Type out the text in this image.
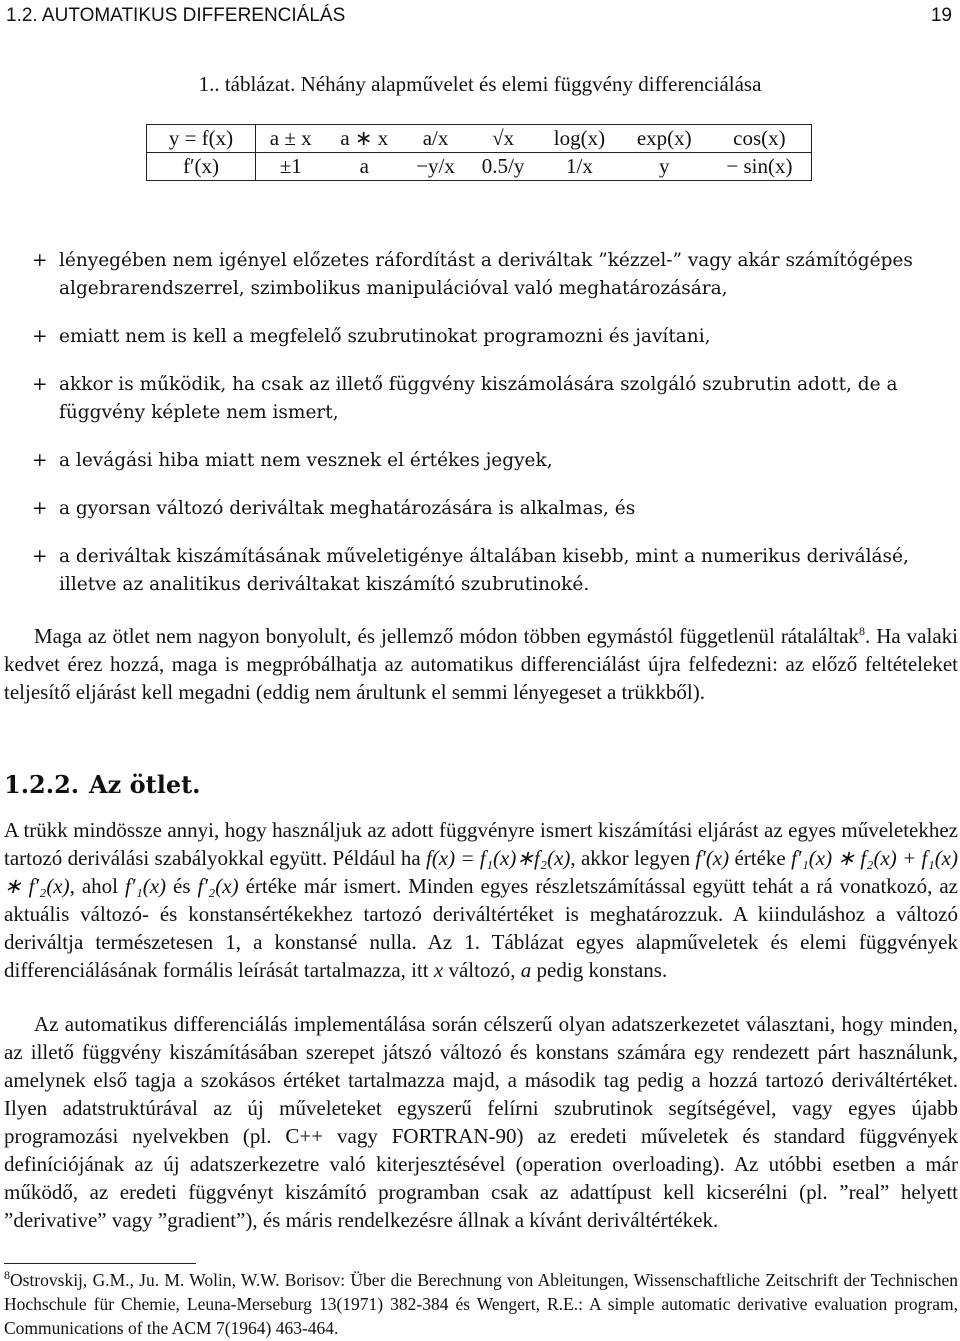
1.2. AUTOMATIKUS DIFFERENCIÁLÁS	19
1.. táblázat. Néhány alapművelet és elemi függvény differenciálása
y = f(x)	a ± x	a ∗ x	a/x	√x	log(x)	exp(x)	cos(x)
f′(x)	±1	a	−y/x	0.5/y	1/x	y	− sin(x)
+ lényegében nem igényel előzetes ráfordítást a deriváltak ”kézzel-” vagy akár számítógépes algebrarendszerrel, szimbolikus manipulációval való meghatározására,
+ emiatt nem is kell a megfelelő szubrutinokat programozni és javítani,
+ akkor is működik, ha csak az illető függvény kiszámolására szolgáló szubrutin adott, de a függvény képlete nem ismert,
+ a levágási hiba miatt nem vesznek el értékes jegyek,
+ a gyorsan változó deriváltak meghatározására is alkalmas, és
+ a deriváltak kiszámításának műveletigénye általában kisebb, mint a numerikus deriválásé, illetve az analitikus deriváltakat kiszámító szubrutinoké.
Maga az ötlet nem nagyon bonyolult, és jellemző módon többen egymástól függetlenül rátaláltak$^8$. Ha valaki kedvet érez hozzá, maga is megpróbálhatja az automatikus differenciálást újra felfedezni: az előző feltételeket teljesítő eljárást kell megadni (eddig nem árultunk el semmi lényegeset a trükkből).
1.2.2. Az ötlet.
A trükk mindössze annyi, hogy használjuk az adott függvényre ismert kiszámítási eljárást az egyes műveletekhez tartozó deriválási szabályokkal együtt. Például ha f(x) = f₁(x)∗f₂(x), akkor legyen f′(x) értéke f′₁(x) ∗ f₂(x) + f₁(x) ∗ f′₂(x), ahol f′₁(x) és f′₂(x) értéke már ismert. Minden egyes részletszámítással együtt tehát a rá vonatkozó, az aktuális változó- és konstansértékekhez tartozó deriváltértéket is meghatározzuk. A kiinduláshoz a változó deriváltja természetesen 1, a konstansé nulla. Az 1. Táblázat egyes alapműveletek és elemi függvények differenciálásának formális leírását tartalmazza, itt x változó, a pedig konstans.
Az automatikus differenciálás implementálása során célszerű olyan adatszerkezetet választani, hogy minden, az illető függvény kiszámításában szerepet játszó változó és konstans számára egy rendezett párt használunk, amelynek első tagja a szokásos értéket tartalmazza majd, a második tag pedig a hozzá tartozó deriváltértéket. Ilyen adatstruktúrával az új műveleteket egyszerű felírni szubrutinok segítségével, vagy egyes újabb programozási nyelvekben (pl. C++ vagy FORTRAN-90) az eredeti műveletek és standard függvények definíciójának az új adatszerkezetre való kiterjesztésével (operation overloading). Az utóbbi esetben a már működő, az eredeti függvényt kiszámító programban csak az adattípust kell kicserélni (pl. ”real” helyett ”derivative” vagy ”gradient”), és máris rendelkezésre állnak a kívánt deriváltértékek.
$^8$Ostrovskij, G.M., Ju. M. Wolin, W.W. Borisov: Über die Berechnung von Ableitungen, Wissenschaftliche Zeitschrift der Technischen Hochschule für Chemie, Leuna-Merseburg 13(1971) 382-384 és Wengert, R.E.: A simple automatic derivative evaluation program, Communications of the ACM 7(1964) 463-464.
